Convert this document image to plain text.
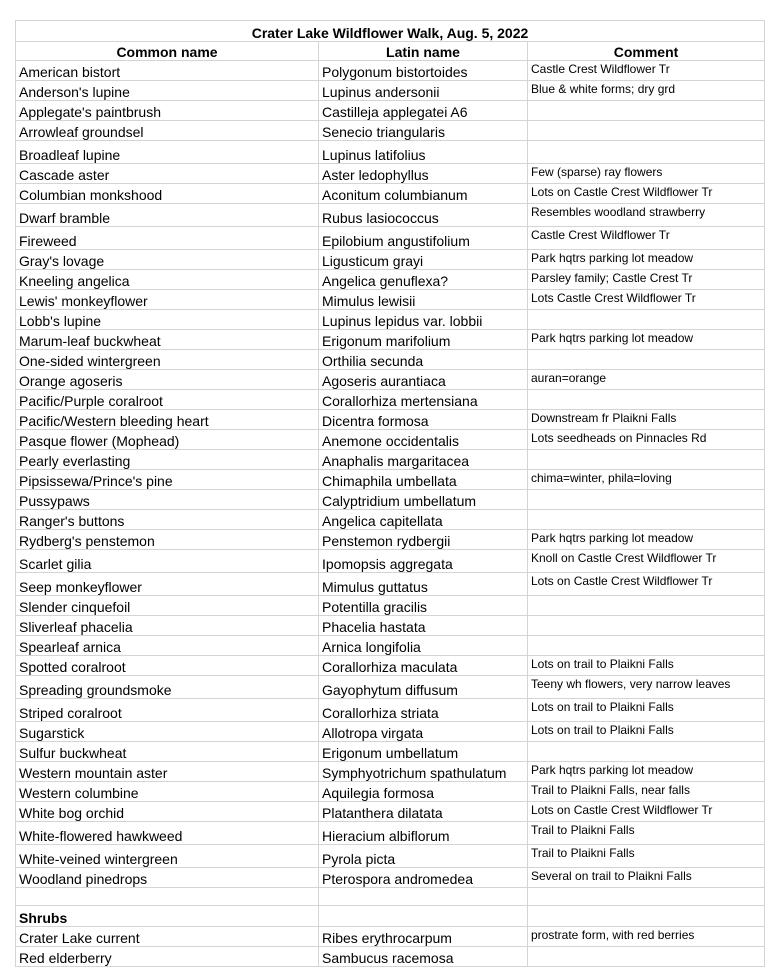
Crater Lake Wildflower Walk, Aug. 5, 2022		
Common name	Latin name	Comment
American bistort	Polygonum bistortoides	Castle Crest Wildflower Tr
Anderson's lupine	Lupinus andersonii	Blue & white forms; dry grd
Applegate's paintbrush	Castilleja applegatei A6	
Arrowleaf groundsel	Senecio triangularis	
Broadleaf lupine	Lupinus latifolius	
Cascade aster	Aster ledophyllus	Few (sparse) ray flowers
Columbian monkshood	Aconitum columbianum	Lots on Castle Crest Wildflower Tr
Dwarf bramble	Rubus lasiococcus	Resembles woodland strawberry
Fireweed	Epilobium angustifolium	Castle Crest Wildflower Tr
Gray's lovage	Ligusticum grayi	Park hqtrs parking lot meadow
Kneeling angelica	Angelica genuflexa?	Parsley family; Castle Crest Tr
Lewis' monkeyflower	Mimulus lewisii	Lots Castle Crest Wildflower Tr
Lobb's lupine	Lupinus lepidus var. lobbii	
Marum-leaf buckwheat	Erigonum marifolium	Park hqtrs parking lot meadow
One-sided wintergreen	Orthilia secunda	
Orange agoseris	Agoseris aurantiaca	auran=orange
Pacific/Purple coralroot	Corallorhiza mertensiana	
Pacific/Western bleeding heart	Dicentra formosa	Downstream fr Plaikni Falls
Pasque flower (Mophead)	Anemone occidentalis	Lots seedheads on Pinnacles Rd
Pearly everlasting	Anaphalis margaritacea	
Pipsissewa/Prince's pine	Chimaphila umbellata	chima=winter, phila=loving
Pussypaws	Calyptridium umbellatum	
Ranger's buttons	Angelica capitellata	
Rydberg's penstemon	Penstemon rydbergii	Park hqtrs parking lot meadow
Scarlet gilia	Ipomopsis aggregata	Knoll on Castle Crest Wildflower Tr
Seep monkeyflower	Mimulus guttatus	Lots on Castle Crest Wildflower Tr
Slender cinquefoil	Potentilla gracilis	
Sliverleaf phacelia	Phacelia hastata	
Spearleaf arnica	Arnica longifolia	
Spotted coralroot	Corallorhiza maculata	Lots on trail to Plaikni Falls
Spreading groundsmoke	Gayophytum diffusum	Teeny wh flowers, very narrow leaves
Striped coralroot	Corallorhiza striata	Lots on trail to Plaikni Falls
Sugarstick	Allotropa virgata	Lots on trail to Plaikni Falls
Sulfur buckwheat	Erigonum umbellatum	
Western mountain aster	Symphyotrichum spathulatum	Park hqtrs parking lot meadow
Western columbine	Aquilegia formosa	Trail to Plaikni Falls, near falls
White bog orchid	Platanthera dilatata	Lots on Castle Crest Wildflower Tr
White-flowered hawkweed	Hieracium albiflorum	Trail to Plaikni Falls
White-veined wintergreen	Pyrola picta	Trail to Plaikni Falls
Woodland pinedrops	Pterospora andromedea	Several on trail to Plaikni Falls

Shrubs		
Crater Lake current	Ribes erythrocarpum	prostrate form, with red berries
Red elderberry	Sambucus racemosa	
